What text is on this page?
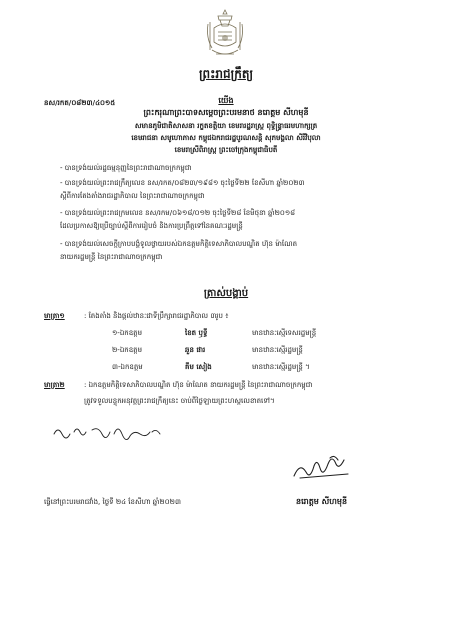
ព្រះរាជក្រឹត្យ
នស/រកត/០៨២៣/៤០១៥	យើង
ព្រះករុណាព្រះបាទសម្តេចព្រះបរមនាថ នរោត្តម សីហមុនី
សមានភូមិជាតិសាសនា រក្ខតខត្តិយា ខេមរារដ្ឋរាស្ត្រ ពុទ្ធិន្ទ្រាធរមហាក្សត្រ
ខេមរាជនា សមូហោភាស កម្ពុជឯករាជរដ្ឋបូរណសន្តិ សុភមង្គលា សិរីវិបុលា
ខេមរាស្រីពិរាស្ត្រ ព្រះចៅក្រុងកម្ពុជាធិបតី
- បានទ្រង់យល់រដ្ឋធម្មនុញ្ញនៃព្រះរាជាណាចក្រកម្ពុជា
- បានទ្រង់យល់ព្រះរាជក្រឹត្យលេខ នស/រកត/០៨២៣/១៩៨១ ចុះថ្ងៃទី២២ ខែសីហា ឆ្នាំ២០២៣
ស្តីពីការតែងតាំងរាជរដ្ឋាភិបាល នៃព្រះរាជាណាចក្រកម្ពុជា
- បានទ្រង់យល់ព្រះរាជក្រមលេខ នស/រកម/០៦១៨/០១២ ចុះថ្ងៃទី២៨ ខែមិថុនា ឆ្នាំ២០១៨
ដែលប្រកាសឱ្យប្រើច្បាប់ស្តីពីការរៀបចំ និងការប្រព្រឹត្តទៅនៃគណៈរដ្ឋមន្ត្រី
- បានទ្រង់យល់សេចក្តីក្រាបបង្គំទូលថ្វាយរបស់ឯកឧត្តមកិត្តិទេសាភិបាលបណ្ឌិត ហ៊ុន ម៉ាណែត
នាយករដ្ឋមន្ត្រី នៃព្រះរាជាណាចក្រកម្ពុជា
ត្រាស់បង្គាប់
មាត្រា១	: តែងតាំង និងផ្តល់ឋានៈជាទីប្រឹក្សារាជរដ្ឋាភិបាល ៣រូប ៖
១-ឯកឧត្តម	ខៃត ឫទ្ធី	មានឋានៈស្មើទេសរដ្ឋមន្ត្រី
២-ឯកឧត្តម	ឆួន ផារ	មានឋានៈស្មើរដ្ឋមន្ត្រី
៣-ឯកឧត្តម	គីម សៀង	មានឋានៈស្មើរដ្ឋមន្ត្រី ។
មាត្រា២	: ឯកឧត្តមកិត្តិទេសាភិបាលបណ្ឌិត ហ៊ុន ម៉ាណែត នាយករដ្ឋមន្ត្រី នៃព្រះរាជាណាចក្រកម្ពុជា
ត្រូវទទួលបន្ទុកអនុវត្តព្រះរាជក្រឹត្យនេះ ចាប់ពីថ្ងៃឡាយព្រះហស្តលេខាតទៅ។
ធ្វើនៅព្រះបរមរាជវាំង, ថ្ងៃទី ២៤ ខែសីហា ឆ្នាំ២០២៣	នរោត្តម សីហមុនី
